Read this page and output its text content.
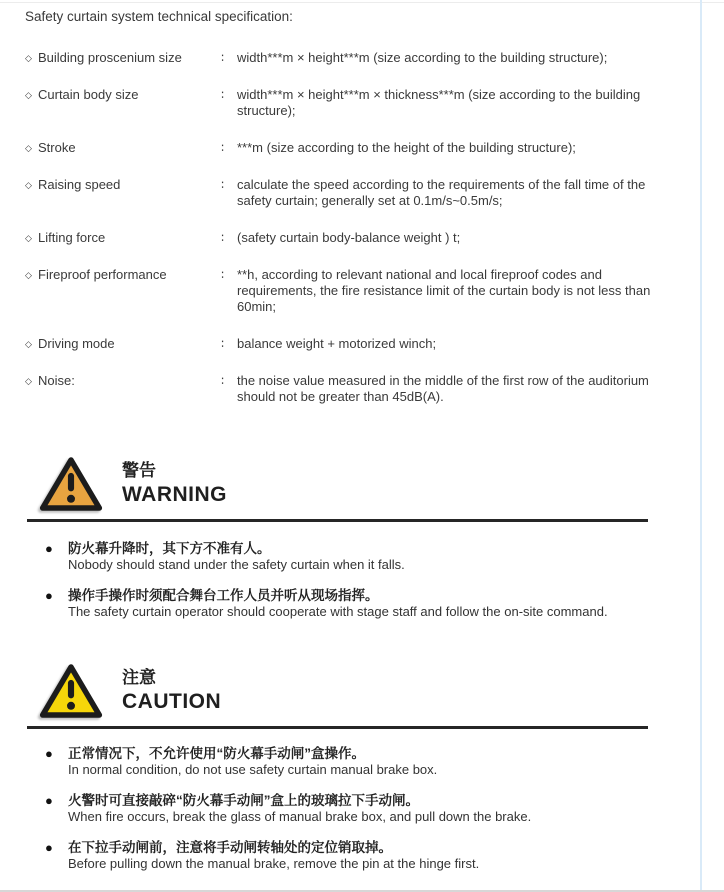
Safety curtain system technical specification:
◇ Building proscenium size	∶ width***m × height***m (size according to the building structure);
◇ Curtain body size	∶ width***m × height***m × thickness***m (size according to the building structure);
◇ Stroke	∶ ***m (size according to the height of the building structure);
◇ Raising speed	∶ calculate the speed according to the requirements of the fall time of the safety curtain; generally set at 0.1m/s~0.5m/s;
◇ Lifting force	∶ (safety curtain body-balance weight ) t;
◇ Fireproof performance	∶ **h, according to relevant national and local fireproof codes and requirements, the fire resistance limit of the curtain body is not less than 60min;
◇ Driving mode	∶ balance weight + motorized winch;
◇ Noise:	∶ the noise value measured in the middle of the first row of the auditorium should not be greater than 45dB(A).
警告
WARNING
●	防火幕升降时，其下方不准有人。
Nobody should stand under the safety curtain when it falls.
●	操作手操作时须配合舞台工作人员并听从现场指挥。
The safety curtain operator should cooperate with stage staff and follow the on-site command.
注意
CAUTION
●	正常情况下，不允许使用“防火幕手动闸”盒操作。
In normal condition, do not use safety curtain manual brake box.
●	火警时可直接敲碎“防火幕手动闸”盒上的玻璃拉下手动闸。
When fire occurs, break the glass of manual brake box, and pull down the brake.
●	在下拉手动闸前，注意将手动闸转轴处的定位销取掉。
Before pulling down the manual brake, remove the pin at the hinge first.
